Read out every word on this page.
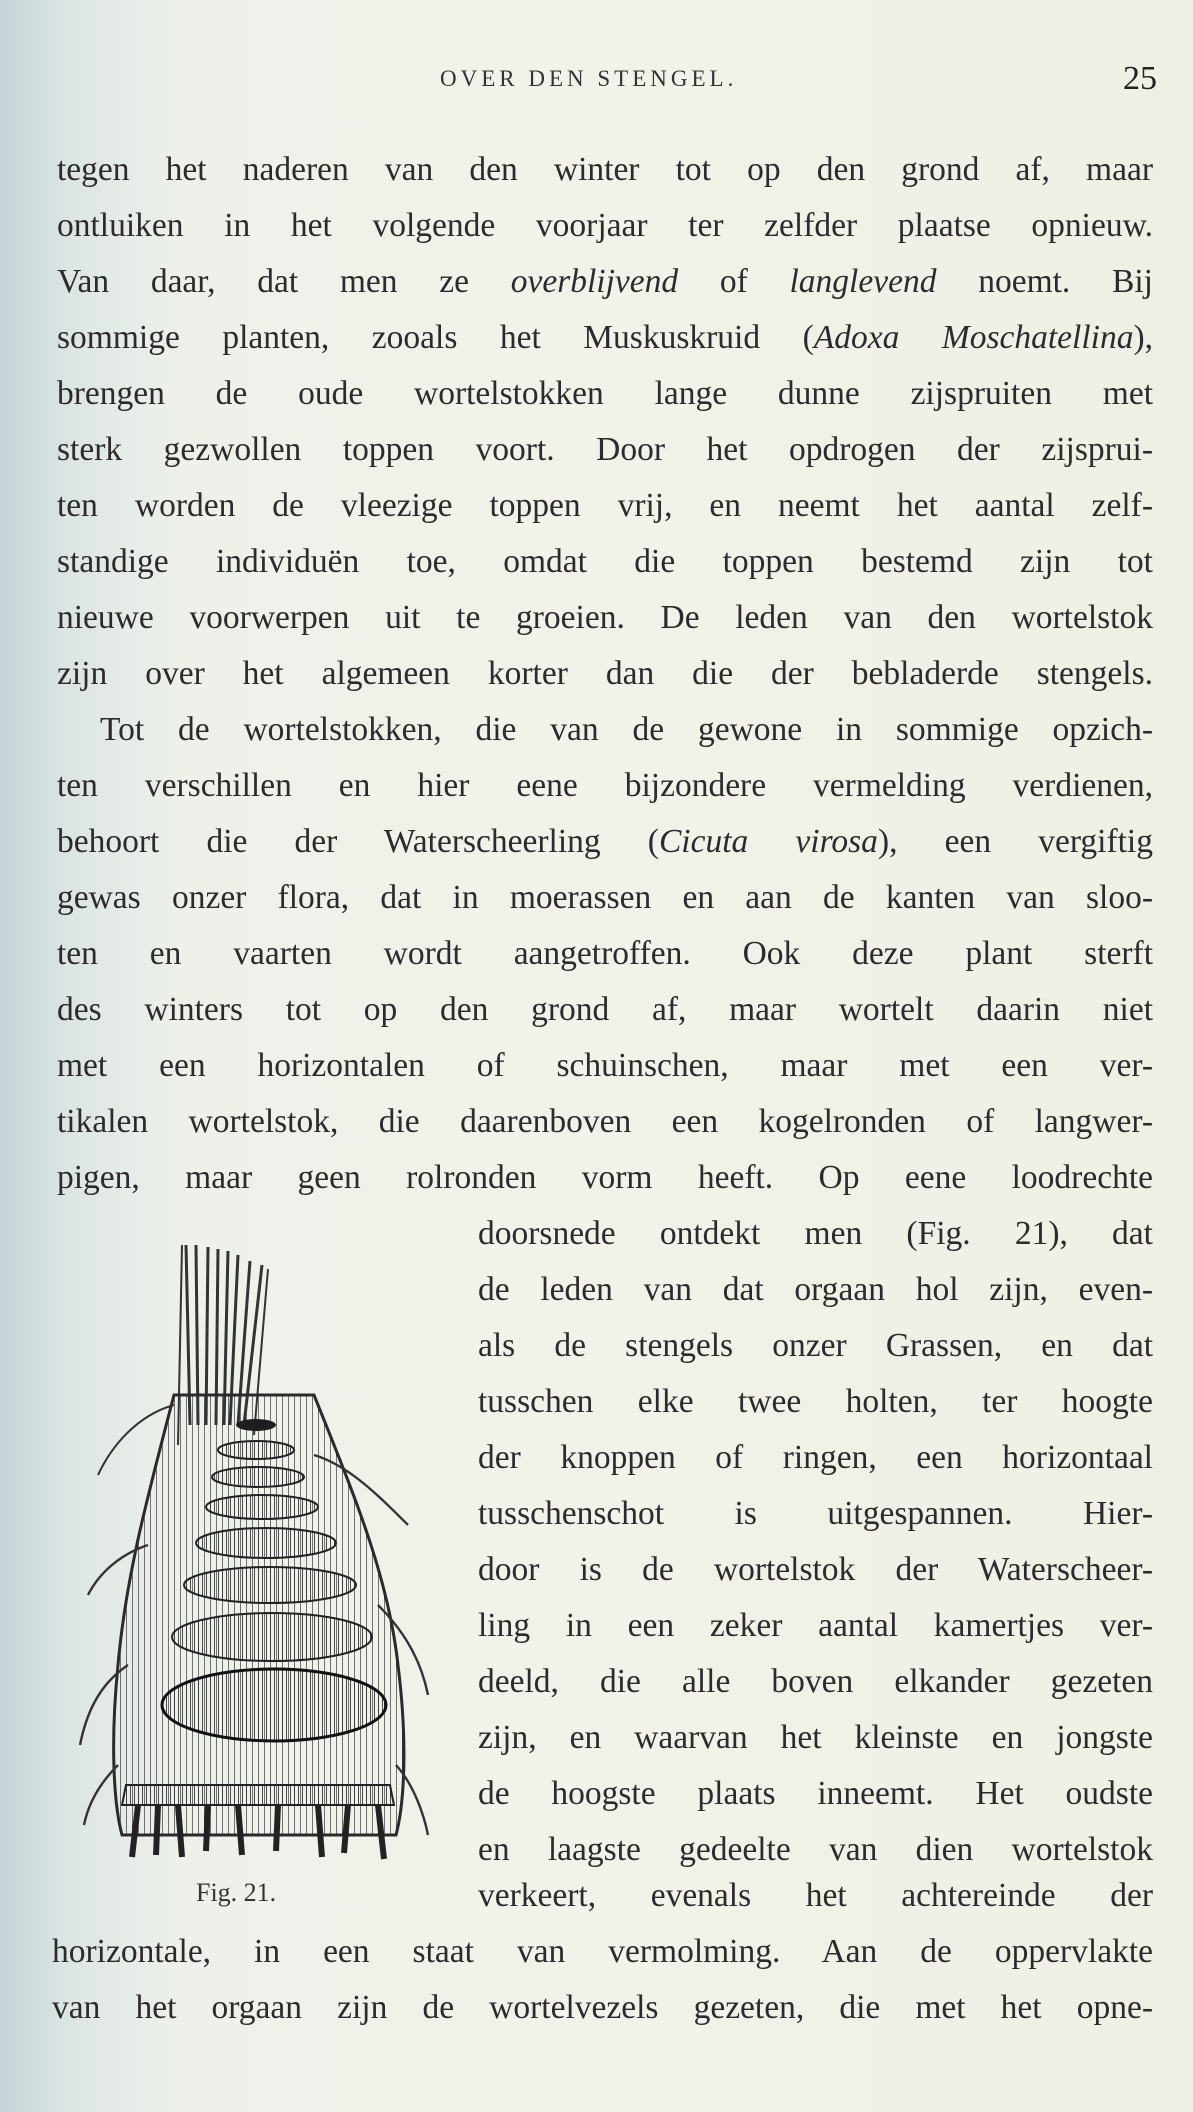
OVER DEN STENGEL.	25
tegen het naderen van den winter tot op den grond af, maar
ontluiken in het volgende voorjaar ter zelfder plaatse opnieuw.
Van daar, dat men ze overblijvend of langlevend noemt. Bij
sommige planten, zooals het Muskuskruid (Adoxa Moschatellina),
brengen de oude wortelstokken lange dunne zijspruiten met
sterk gezwollen toppen voort. Door het opdrogen der zijsprui-
ten worden de vleezige toppen vrij, en neemt het aantal zelf-
standige individuën toe, omdat die toppen bestemd zijn tot
nieuwe voorwerpen uit te groeien. De leden van den wortelstok
zijn over het algemeen korter dan die der bebladerde stengels.
Tot de wortelstokken, die van de gewone in sommige opzich-
ten verschillen en hier eene bijzondere vermelding verdienen,
behoort die der Waterscheerling (Cicuta virosa), een vergiftig
gewas onzer flora, dat in moerassen en aan de kanten van sloo-
ten en vaarten wordt aangetroffen. Ook deze plant sterft
des winters tot op den grond af, maar wortelt daarin niet
met een horizontalen of schuinschen, maar met een ver-
tikalen wortelstok, die daarenboven een kogelronden of langwer-
pigen, maar geen rolronden vorm heeft. Op eene loodrechte
doorsnede ontdekt men (Fig. 21), dat
de leden van dat orgaan hol zijn, even-
als de stengels onzer Grassen, en dat
tusschen elke twee holten, ter hoogte
der knoppen of ringen, een horizontaal
tusschenschot is uitgespannen. Hier-
door is de wortelstok der Waterscheer-
ling in een zeker aantal kamertjes ver-
deeld, die alle boven elkander gezeten
zijn, en waarvan het kleinste en jongste
de hoogste plaats inneemt. Het oudste
en laagste gedeelte van dien wortelstok
verkeert, evenals het achtereinde der
horizontale, in een staat van vermolming. Aan de oppervlakte
van het orgaan zijn de wortelvezels gezeten, die met het opne-
Fig. 21.
